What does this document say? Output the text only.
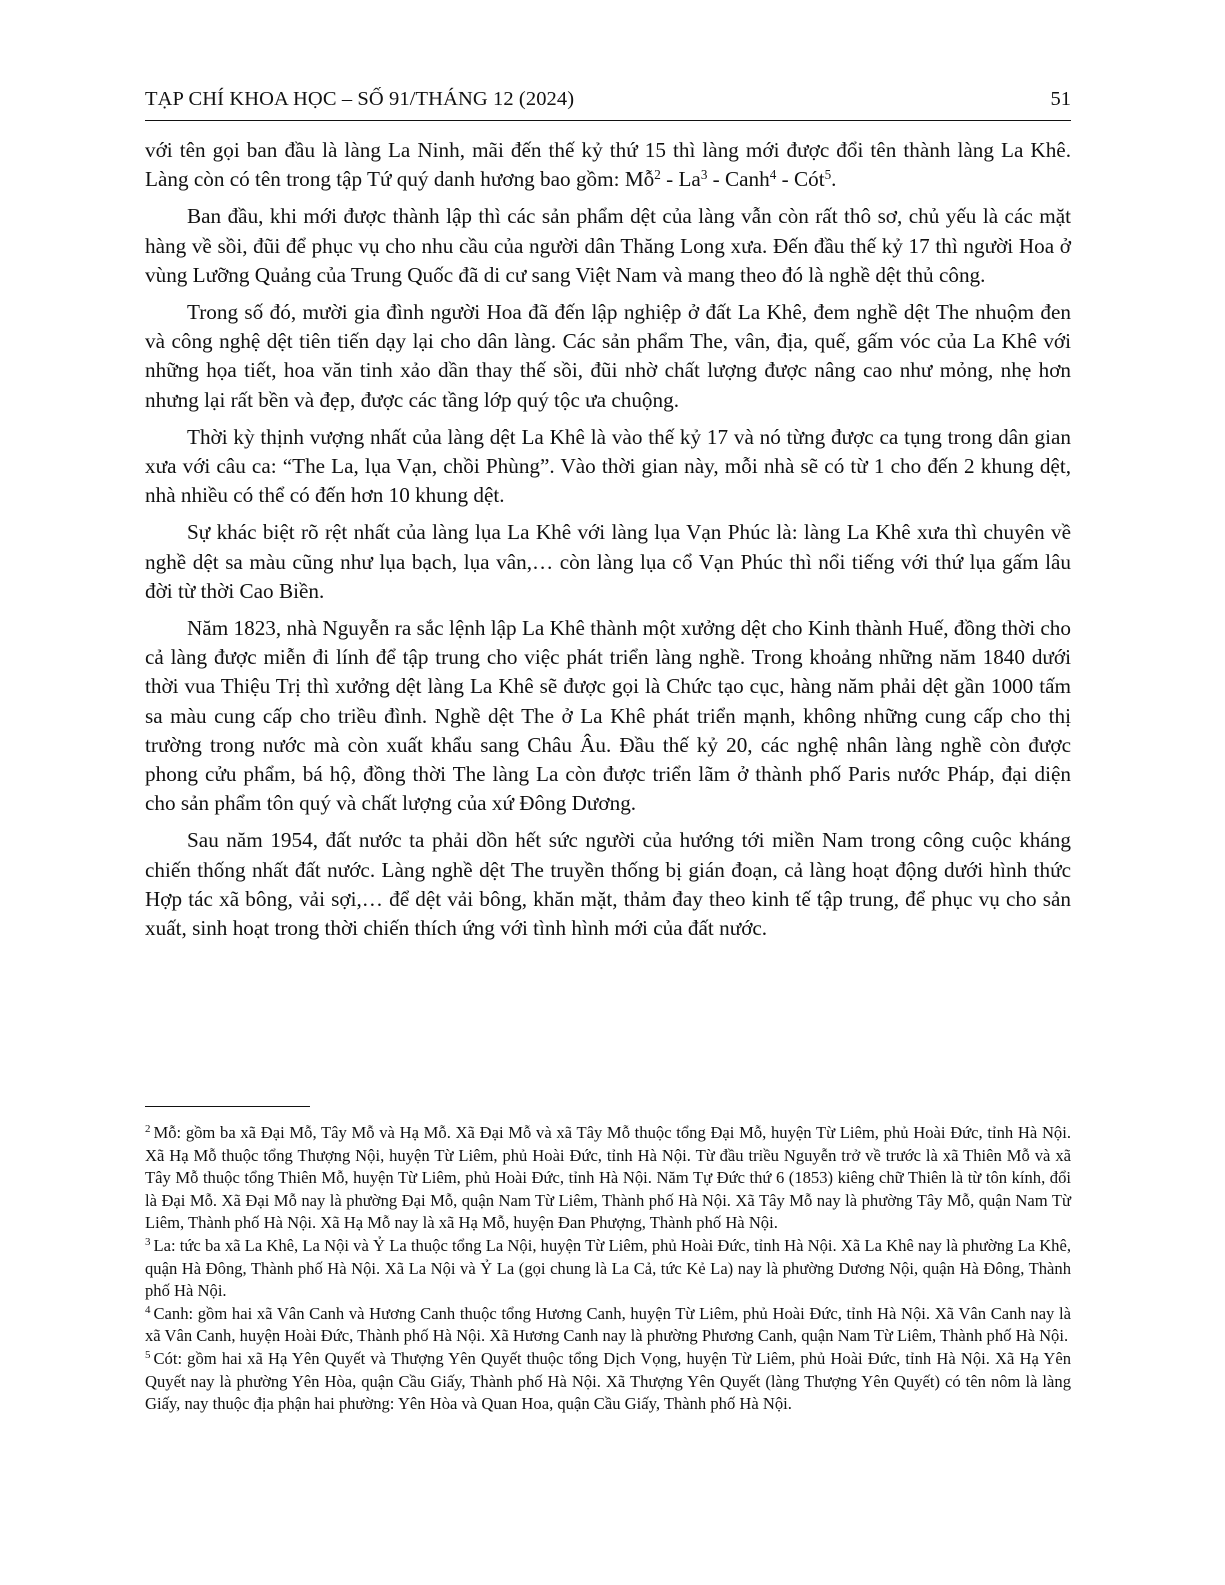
TẠP CHÍ KHOA HỌC – SỐ 91/THÁNG 12 (2024)	51

với tên gọi ban đầu là làng La Ninh, mãi đến thế kỷ thứ 15 thì làng mới được đổi tên thành làng La Khê. Làng còn có tên trong tập Tứ quý danh hương bao gồm: Mỗ$^2$ - La$^3$ - Canh$^4$ - Cót$^5$.

Ban đầu, khi mới được thành lập thì các sản phẩm dệt của làng vẫn còn rất thô sơ, chủ yếu là các mặt hàng về sồi, đũi để phục vụ cho nhu cầu của người dân Thăng Long xưa. Đến đầu thế kỷ 17 thì người Hoa ở vùng Lưỡng Quảng của Trung Quốc đã di cư sang Việt Nam và mang theo đó là nghề dệt thủ công.

Trong số đó, mười gia đình người Hoa đã đến lập nghiệp ở đất La Khê, đem nghề dệt The nhuộm đen và công nghệ dệt tiên tiến dạy lại cho dân làng. Các sản phẩm The, vân, địa, quế, gấm vóc của La Khê với những họa tiết, hoa văn tinh xảo dần thay thế sồi, đũi nhờ chất lượng được nâng cao như mỏng, nhẹ hơn nhưng lại rất bền và đẹp, được các tầng lớp quý tộc ưa chuộng.

Thời kỳ thịnh vượng nhất của làng dệt La Khê là vào thế kỷ 17 và nó từng được ca tụng trong dân gian xưa với câu ca: “The La, lụa Vạn, chồi Phùng”. Vào thời gian này, mỗi nhà sẽ có từ 1 cho đến 2 khung dệt, nhà nhiều có thể có đến hơn 10 khung dệt.

Sự khác biệt rõ rệt nhất của làng lụa La Khê với làng lụa Vạn Phúc là: làng La Khê xưa thì chuyên về nghề dệt sa màu cũng như lụa bạch, lụa vân,… còn làng lụa cổ Vạn Phúc thì nổi tiếng với thứ lụa gấm lâu đời từ thời Cao Biền.

Năm 1823, nhà Nguyễn ra sắc lệnh lập La Khê thành một xưởng dệt cho Kinh thành Huế, đồng thời cho cả làng được miễn đi lính để tập trung cho việc phát triển làng nghề. Trong khoảng những năm 1840 dưới thời vua Thiệu Trị thì xưởng dệt làng La Khê sẽ được gọi là Chức tạo cục, hàng năm phải dệt gần 1000 tấm sa màu cung cấp cho triều đình. Nghề dệt The ở La Khê phát triển mạnh, không những cung cấp cho thị trường trong nước mà còn xuất khẩu sang Châu Âu. Đầu thế kỷ 20, các nghệ nhân làng nghề còn được phong cửu phẩm, bá hộ, đồng thời The làng La còn được triển lãm ở thành phố Paris nước Pháp, đại diện cho sản phẩm tôn quý và chất lượng của xứ Đông Dương.

Sau năm 1954, đất nước ta phải dồn hết sức người của hướng tới miền Nam trong công cuộc kháng chiến thống nhất đất nước. Làng nghề dệt The truyền thống bị gián đoạn, cả làng hoạt động dưới hình thức Hợp tác xã bông, vải sợi,… để dệt vải bông, khăn mặt, thảm đay theo kinh tế tập trung, để phục vụ cho sản xuất, sinh hoạt trong thời chiến thích ứng với tình hình mới của đất nước.

$^2$ Mỗ: gồm ba xã Đại Mỗ, Tây Mỗ và Hạ Mỗ. Xã Đại Mỗ và xã Tây Mỗ thuộc tổng Đại Mỗ, huyện Từ Liêm, phủ Hoài Đức, tỉnh Hà Nội. Xã Hạ Mỗ thuộc tổng Thượng Nội, huyện Từ Liêm, phủ Hoài Đức, tỉnh Hà Nội. Từ đầu triều Nguyễn trở về trước là xã Thiên Mỗ và xã Tây Mỗ thuộc tổng Thiên Mỗ, huyện Từ Liêm, phủ Hoài Đức, tỉnh Hà Nội. Năm Tự Đức thứ 6 (1853) kiêng chữ Thiên là từ tôn kính, đổi là Đại Mỗ. Xã Đại Mỗ nay là phường Đại Mỗ, quận Nam Từ Liêm, Thành phố Hà Nội. Xã Tây Mỗ nay là phường Tây Mỗ, quận Nam Từ Liêm, Thành phố Hà Nội. Xã Hạ Mỗ nay là xã Hạ Mỗ, huyện Đan Phượng, Thành phố Hà Nội.

$^3$ La: tức ba xã La Khê, La Nội và Ỷ La thuộc tổng La Nội, huyện Từ Liêm, phủ Hoài Đức, tỉnh Hà Nội. Xã La Khê nay là phường La Khê, quận Hà Đông, Thành phố Hà Nội. Xã La Nội và Ỷ La (gọi chung là La Cả, tức Kẻ La) nay là phường Dương Nội, quận Hà Đông, Thành phố Hà Nội.

$^4$ Canh: gồm hai xã Vân Canh và Hương Canh thuộc tổng Hương Canh, huyện Từ Liêm, phủ Hoài Đức, tỉnh Hà Nội. Xã Vân Canh nay là xã Vân Canh, huyện Hoài Đức, Thành phố Hà Nội. Xã Hương Canh nay là phường Phương Canh, quận Nam Từ Liêm, Thành phố Hà Nội.

$^5$ Cót: gồm hai xã Hạ Yên Quyết và Thượng Yên Quyết thuộc tổng Dịch Vọng, huyện Từ Liêm, phủ Hoài Đức, tỉnh Hà Nội. Xã Hạ Yên Quyết nay là phường Yên Hòa, quận Cầu Giấy, Thành phố Hà Nội. Xã Thượng Yên Quyết (làng Thượng Yên Quyết) có tên nôm là làng Giấy, nay thuộc địa phận hai phường: Yên Hòa và Quan Hoa, quận Cầu Giấy, Thành phố Hà Nội.
